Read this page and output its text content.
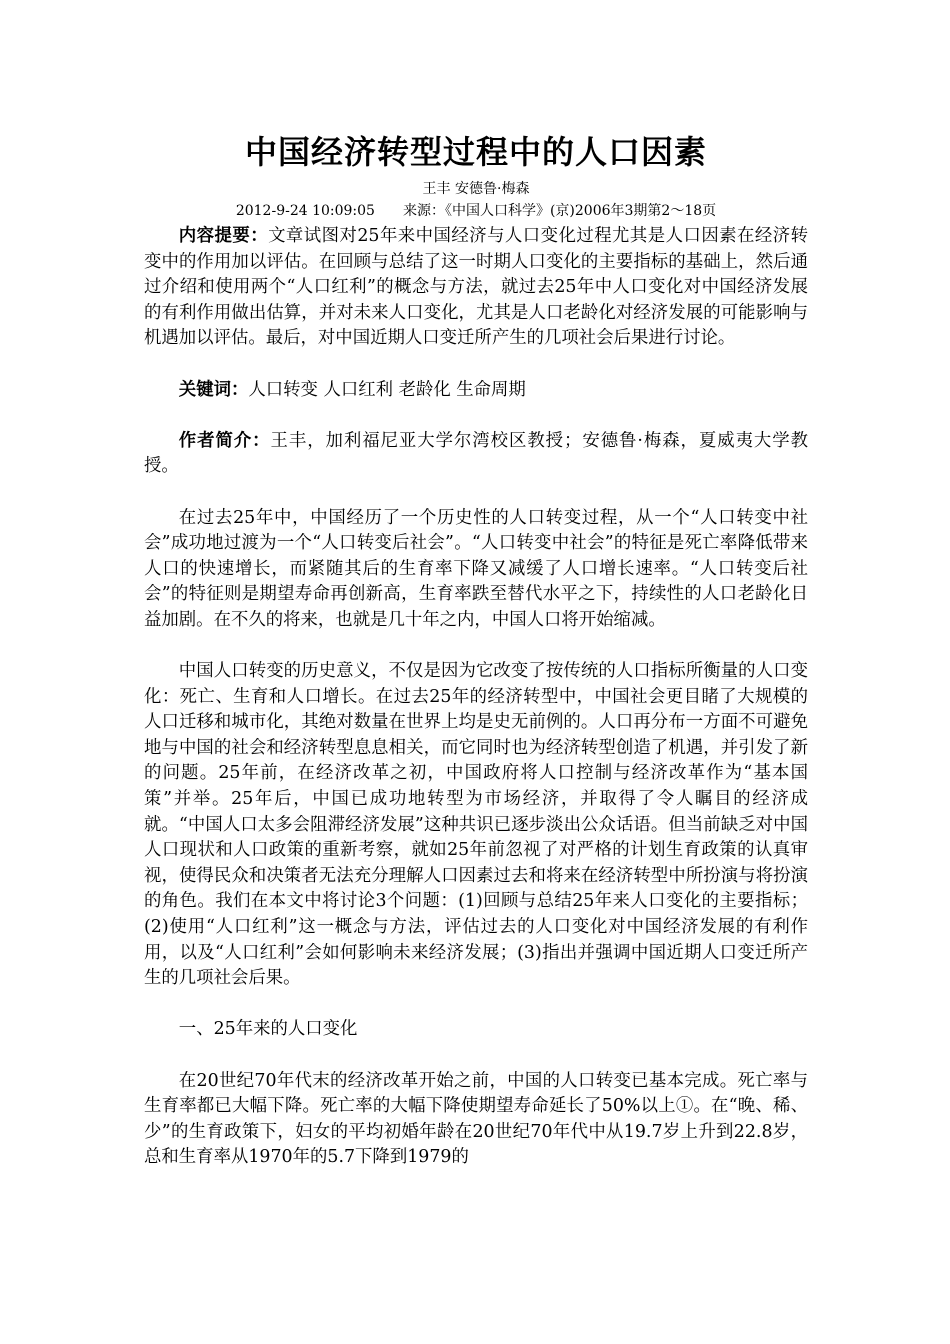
中国经济转型过程中的人口因素

王丰 安德鲁·梅森

2012-9-24 10:09:05 来源：《中国人口科学》(京)2006年3期第2～18页

内容提要：文章试图对25年来中国经济与人口变化过程尤其是人口因素在经济转变中的作用加以评估。在回顾与总结了这一时期人口变化的主要指标的基础上，然后通过介绍和使用两个“人口红利”的概念与方法，就过去25年中人口变化对中国经济发展的有利作用做出估算，并对未来人口变化，尤其是人口老龄化对经济发展的可能影响与机遇加以评估。最后，对中国近期人口变迁所产生的几项社会后果进行讨论。

关键词：人口转变 人口红利 老龄化 生命周期

作者简介：王丰，加利福尼亚大学尔湾校区教授；安德鲁·梅森，夏威夷大学教授。

在过去25年中，中国经历了一个历史性的人口转变过程，从一个“人口转变中社会”成功地过渡为一个“人口转变后社会”。“人口转变中社会”的特征是死亡率降低带来人口的快速增长，而紧随其后的生育率下降又减缓了人口增长速率。“人口转变后社会”的特征则是期望寿命再创新高，生育率跌至替代水平之下，持续性的人口老龄化日益加剧。在不久的将来，也就是几十年之内，中国人口将开始缩减。

中国人口转变的历史意义，不仅是因为它改变了按传统的人口指标所衡量的人口变化：死亡、生育和人口增长。在过去25年的经济转型中，中国社会更目睹了大规模的人口迁移和城市化，其绝对数量在世界上均是史无前例的。人口再分布一方面不可避免地与中国的社会和经济转型息息相关，而它同时也为经济转型创造了机遇，并引发了新的问题。25年前，在经济改革之初，中国政府将人口控制与经济改革作为“基本国策”并举。25年后，中国已成功地转型为市场经济，并取得了令人瞩目的经济成就。“中国人口太多会阻滞经济发展”这种共识已逐步淡出公众话语。但当前缺乏对中国人口现状和人口政策的重新考察，就如25年前忽视了对严格的计划生育政策的认真审视，使得民众和决策者无法充分理解人口因素过去和将来在经济转型中所扮演与将扮演的角色。我们在本文中将讨论3个问题：(1)回顾与总结25年来人口变化的主要指标；(2)使用“人口红利”这一概念与方法，评估过去的人口变化对中国经济发展的有利作用，以及“人口红利”会如何影响未来经济发展；(3)指出并强调中国近期人口变迁所产生的几项社会后果。

一、25年来的人口变化

在20世纪70年代末的经济改革开始之前，中国的人口转变已基本完成。死亡率与生育率都已大幅下降。死亡率的大幅下降使期望寿命延长了50%以上①。在“晚、稀、少”的生育政策下，妇女的平均初婚年龄在20世纪70年代中从19.7岁上升到22.8岁，总和生育率从1970年的5.7下降到1979的
